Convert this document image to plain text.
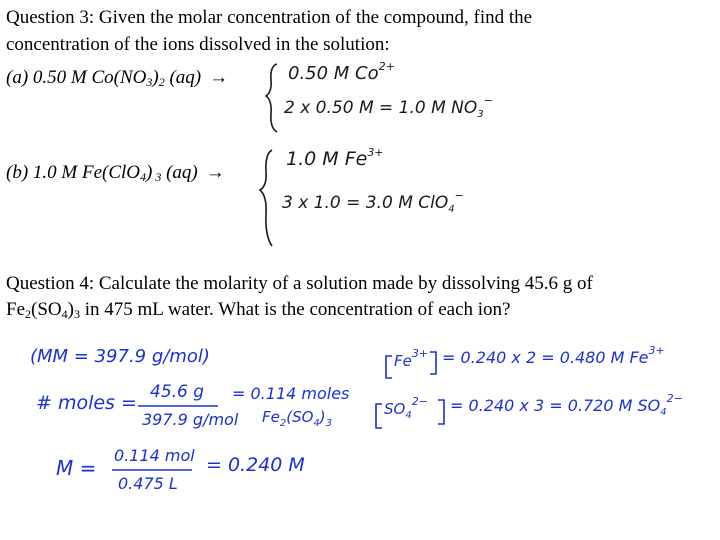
Question 3: Given the molar concentration of the compound, find the
concentration of the ions dissolved in the solution:
(a) 0.50 M $Co(NO_3)_2$ (aq) →
(b) 1.0 M Fe(ClO$_4$) $_3$ (aq) →
0.50 M $Co^{2+}$
2 x 0.50 M = 1.0 M $NO_3^-$
1.0 M $Fe^{3+}$
3 x 1.0 = 3.0 M ClO$_4$−
Question 4: Calculate the molarity of a solution made by dissolving 45.6 g of
$Fe_2(SO_4)_3$ in 475 mL water. What is the concentration of each ion?
(MM = 397.9 g/mol)
# moles = 45.6 g
397.9 g/mol
= 0.114 moles
$Fe_2(SO_4)_3$
M =
0.114 mol
0.475 L
= 0.240 M
$Fe^{3+} = 0.240$ x 2 = 0.480 M $Fe^{3+}$
$SO_4^{2-} = 0.240$ x 3 = 0.720 M $SO_4^{2-}$
